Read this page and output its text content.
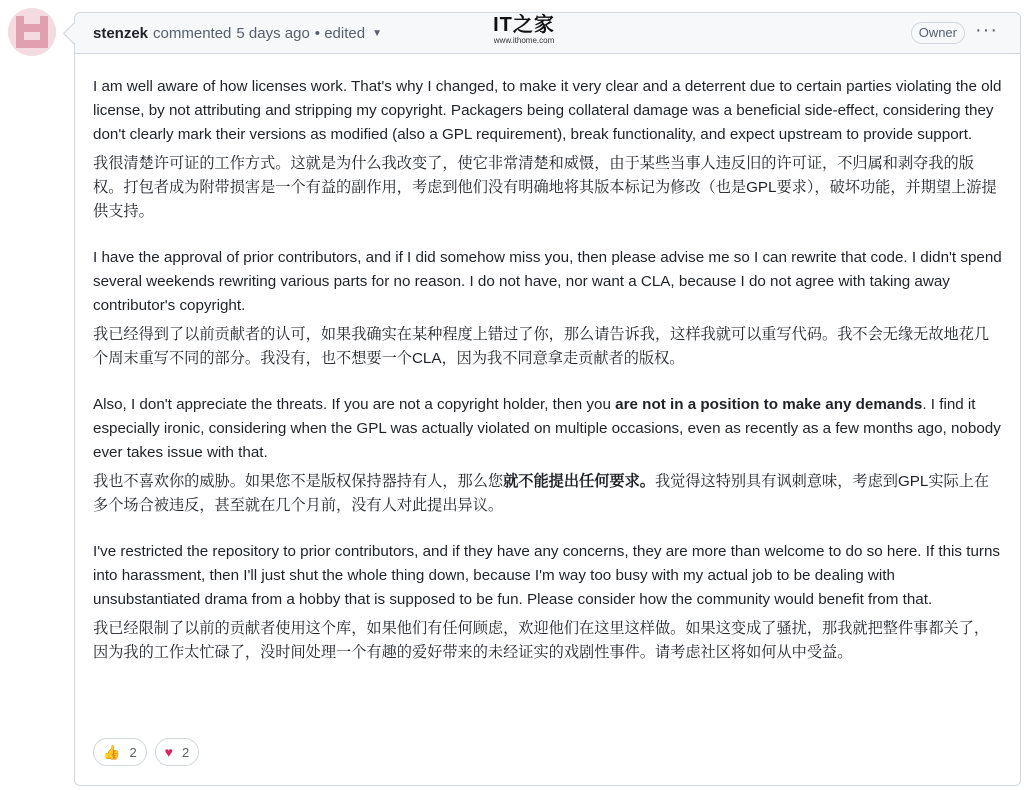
stenzek commented 5 days ago • edited ▼	IT之家
www.ithome.com
Owner ···

I am well aware of how licenses work. That's why I changed, to make it very clear and a deterrent due to certain parties violating the old license, by not attributing and stripping my copyright. Packagers being collateral damage was a beneficial side-effect, considering they don't clearly mark their versions as modified (also a GPL requirement), break functionality, and expect upstream to provide support.

我很清楚许可证的工作方式。这就是为什么我改变了，使它非常清楚和威慑，由于某些当事人违反旧的许可证，不归属和剥夺我的版权。打包者成为附带损害是一个有益的副作用，考虑到他们没有明确地将其版本标记为修改（也是GPL要求），破坏功能，并期望上游提供支持。

I have the approval of prior contributors, and if I did somehow miss you, then please advise me so I can rewrite that code. I didn't spend several weekends rewriting various parts for no reason. I do not have, nor want a CLA, because I do not agree with taking away contributor's copyright.

我已经得到了以前贡献者的认可，如果我确实在某种程度上错过了你，那么请告诉我，这样我就可以重写代码。我不会无缘无故地花几个周末重写不同的部分。我没有，也不想要一个CLA，因为我不同意拿走贡献者的版权。

Also, I don't appreciate the threats. If you are not a copyright holder, then you are not in a position to make any demands. I find it especially ironic, considering when the GPL was actually violated on multiple occasions, even as recently as a few months ago, nobody ever takes issue with that.

我也不喜欢你的威胁。如果您不是版权保持器持有人，那么您就不能提出任何要求。我觉得这特别具有讽刺意味，考虑到GPL实际上在多个场合被违反，甚至就在几个月前，没有人对此提出异议。

I've restricted the repository to prior contributors, and if they have any concerns, they are more than welcome to do so here. If this turns into harassment, then I'll just shut the whole thing down, because I'm way too busy with my actual job to be dealing with unsubstantiated drama from a hobby that is supposed to be fun. Please consider how the community would benefit from that.

我已经限制了以前的贡献者使用这个库，如果他们有任何顾虑，欢迎他们在这里这样做。如果这变成了骚扰，那我就把整件事都关了，因为我的工作太忙碌了，没时间处理一个有趣的爱好带来的未经证实的戏剧性事件。请考虑社区将如何从中受益。

👍 2 ♥ 2
